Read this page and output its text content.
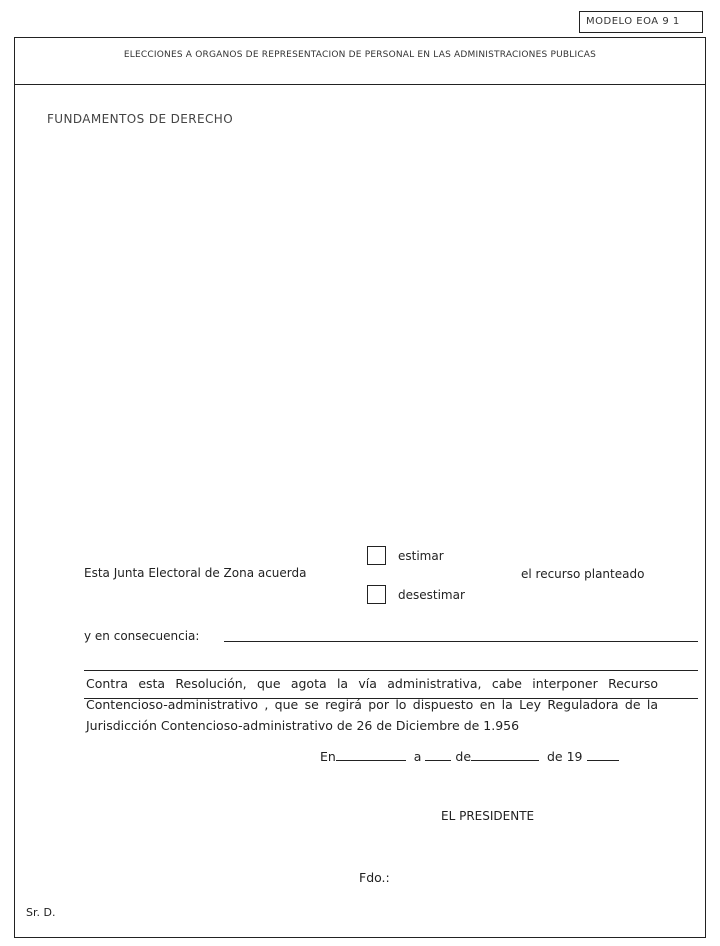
MODELO EOA 9 1
ELECCIONES A ORGANOS DE REPRESENTACION DE PERSONAL EN LAS ADMINISTRACIONES PUBLICAS
FUNDAMENTOS DE DERECHO
Esta Junta Electoral de Zona acuerda
estimar
desestimar
el recurso planteado
y en consecuencia:
Contra esta Resolución, que agota la vía administrativa, cabe interponer Recurso Contencioso-administrativo , que se regirá por lo dispuesto en la Ley Reguladora de la Jurisdicción Contencioso-administrativo de 26 de Diciembre de 1.956
En	a	de	de 19
EL PRESIDENTE
Fdo.:
Sr. D.
